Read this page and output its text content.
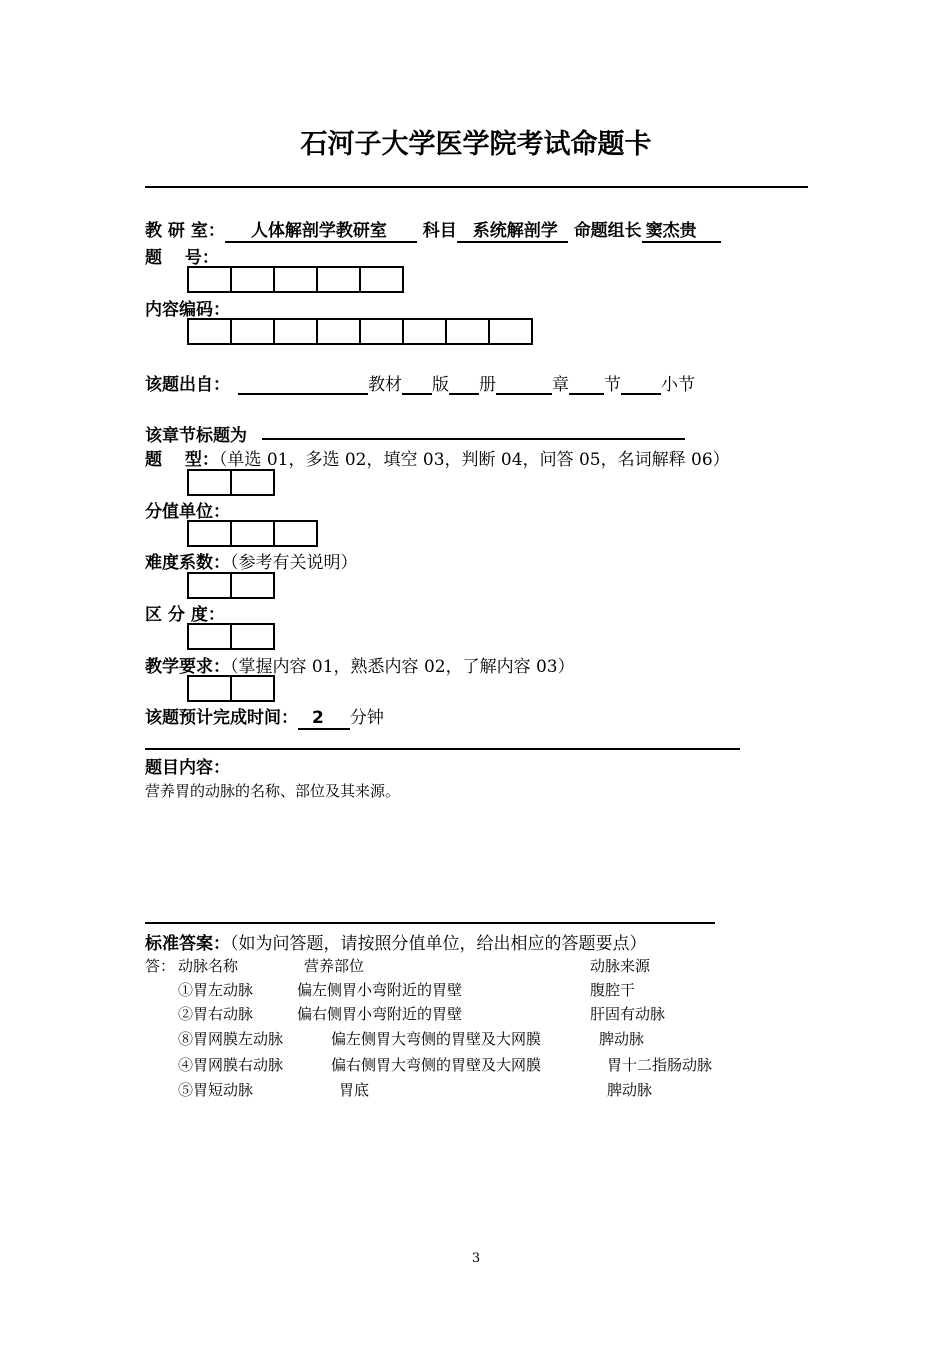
石河子大学医学院考试命题卡
教 研 室： 人体解剖学教研室 科目 系统解剖学 命题组长 窦杰贵
题　 号：
内容编码：
该题出自：	教材 版 册	章 节 小节
该章节标题为
题　 型：（单选 01，多选 02，填空 03，判断 04，问答 05，名词解释 06）
分值单位：
难度系数：（参考有关说明）
区 分 度：
教学要求：（掌握内容 01，熟悉内容 02，了解内容 03）
该题预计完成时间： 2 分钟
题目内容：
营养胃的动脉的名称、部位及其来源。
标准答案：（如为问答题，请按照分值单位，给出相应的答题要点）
答： 动脉名称	营养部位	动脉来源
①胃左动脉	偏左侧胃小弯附近的胃壁	腹腔干
②胃右动脉	偏右侧胃小弯附近的胃壁	肝固有动脉
⑧胃网膜左动脉	偏左侧胃大弯侧的胃壁及大网膜	脾动脉
④胃网膜右动脉	偏右侧胃大弯侧的胃壁及大网膜	胃十二指肠动脉
⑤胃短动脉	胃底	脾动脉
3
